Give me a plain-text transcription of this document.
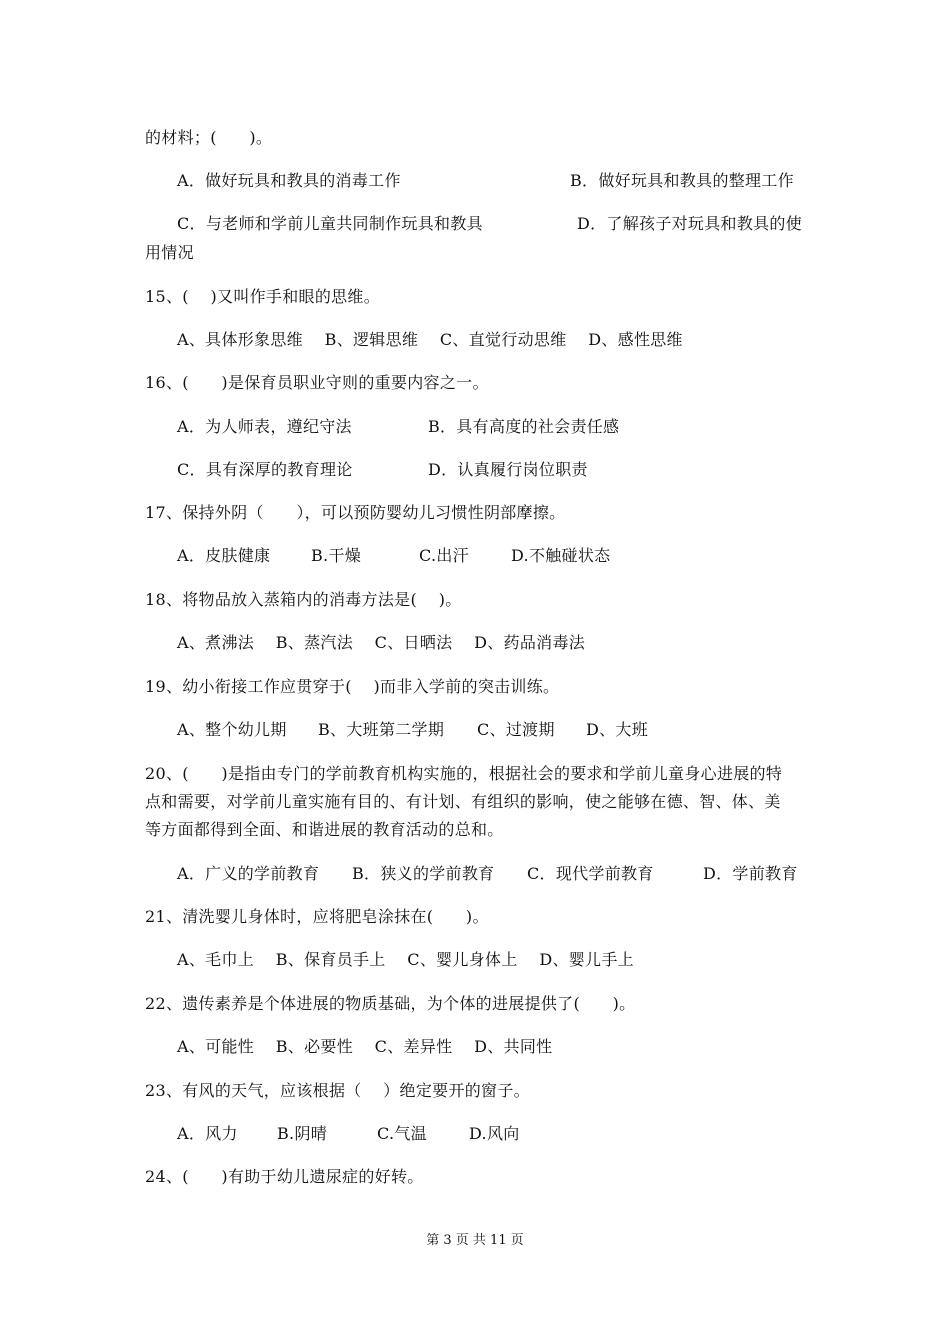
的材料；(　　)。
A．做好玩具和教具的消毒工作	B．做好玩具和教具的整理工作
C．与老师和学前儿童共同制作玩具和教具	D．了解孩子对玩具和教具的使
用情况
15、(　 )又叫作手和眼的思维。
A、具体形象思维　 B、逻辑思维　 C、直觉行动思维　 D、感性思维
16、(　　)是保育员职业守则的重要内容之一。
A．为人师表，遵纪守法	B．具有高度的社会责任感
C．具有深厚的教育理论	D．认真履行岗位职责
17、保持外阴（　　），可以预防婴幼儿习惯性阴部摩擦。
A．皮肤健康	B.干燥	C.出汗	D.不触碰状态
18、将物品放入蒸箱内的消毒方法是(　 )。
A、煮沸法　 B、蒸汽法　 C、日晒法　 D、药品消毒法
19、幼小衔接工作应贯穿于(　 )而非入学前的突击训练。
A、整个幼儿期 B、大班第二学期 C、过渡期 D、大班
20、(　　)是指由专门的学前教育机构实施的，根据社会的要求和学前儿童身心进展的特
点和需要，对学前儿童实施有目的、有计划、有组织的影响，使之能够在德、智、体、美
等方面都得到全面、和谐进展的教育活动的总和。
A．广义的学前教育 B．狭义的学前教育 C．现代学前教育	D．学前教育
21、清洗婴儿身体时，应将肥皂涂抹在(　　)。
A、毛巾上　 B、保育员手上　 C、婴儿身体上　 D、婴儿手上
22、遗传素养是个体进展的物质基础，为个体的进展提供了(　　)。
A、可能性　 B、必要性　 C、差异性　 D、共同性
23、有风的天气，应该根据（　 ）绝定要开的窗子。
A．风力 B.阴晴	C.气温	D.风向
24、(　　)有助于幼儿遗尿症的好转。
第 3 页 共 11 页
